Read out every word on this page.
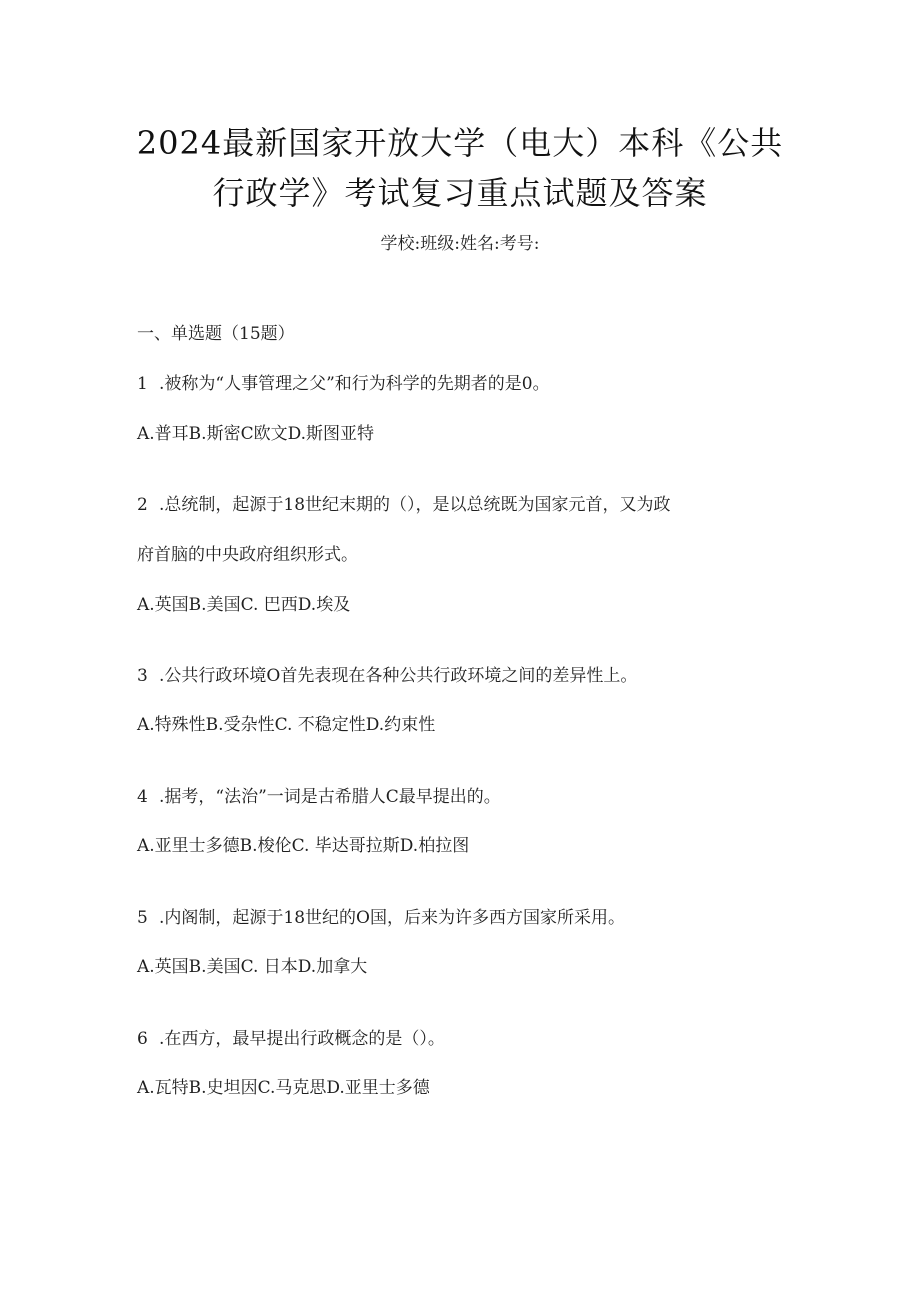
2024最新国家开放大学（电大）本科《公共
行政学》考试复习重点试题及答案
学校:班级:姓名:考号:
一、单选题（15题）
1 .被称为“人事管理之父”和行为科学的先期者的是0。
A.普耳B.斯密C欧文D.斯图亚特
2 .总统制，起源于18世纪末期的（），是以总统既为国家元首，又为政
府首脑的中央政府组织形式。
A.英国B.美国C. 巴西D.埃及
3 .公共行政环境O首先表现在各种公共行政环境之间的差异性上。
A.特殊性B.受杂性C. 不稳定性D.约束性
4 .据考，“法治”一词是古希腊人C最早提出的。
A.亚里士多德B.梭伦C. 毕达哥拉斯D.柏拉图
5 .内阁制，起源于18世纪的O国，后来为许多西方国家所采用。
A.英国B.美国C. 日本D.加拿大
6 .在西方，最早提出行政概念的是（）。
A.瓦特B.史坦因C.马克思D.亚里士多德
